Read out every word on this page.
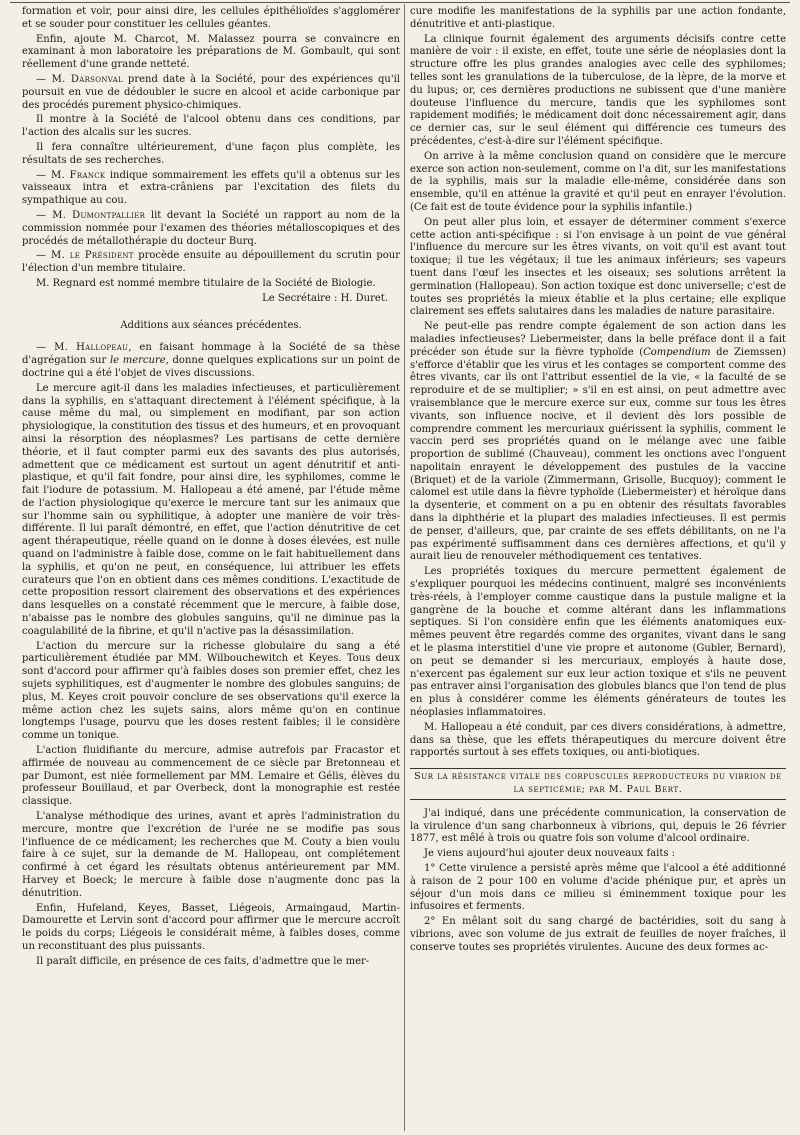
formation et voir, pour ainsi dire, les cellules épithélioïdes s'agglomérer et se souder pour constituer les cellules géantes.

Enfin, ajoute M. Charcot, M. Malassez pourra se convaincre en examinant à mon laboratoire les préparations de M. Gombault, qui sont réellement d'une grande netteté.

— M. Darsonval prend date à la Société, pour des expériences qu'il poursuit en vue de dédoubler le sucre en alcool et acide carbonique par des procédés purement physico-chimiques.

Il montre à la Société de l'alcool obtenu dans ces conditions, par l'action des alcalis sur les sucres.

Il fera connaître ultérieurement, d'une façon plus complète, les résultats de ses recherches.

— M. Franck indique sommairement les effets qu'il a obtenus sur les vaisseaux intra et extra-crâniens par l'excitation des filets du sympathique au cou.

— M. Dumontpallier lit devant la Société un rapport au nom de la commission nommée pour l'examen des théories métalloscopiques et des procédés de métallothérapie du docteur Burq.

— M. le Président procède ensuite au dépouillement du scrutin pour l'élection d'un membre titulaire.

M. Regnard est nommé membre titulaire de la Société de Biologie.

Le Secrétaire : H. Duret.

Additions aux séances précédentes.

— M. Hallopeau, en faisant hommage à la Société de sa thèse d'agrégation sur le mercure, donne quelques explications sur un point de doctrine qui a été l'objet de vives discussions.

Le mercure agit-il dans les maladies infectieuses, et particulièrement dans la syphilis, en s'attaquant directement à l'élément spécifique, à la cause même du mal, ou simplement en modifiant, par son action physiologique, la constitution des tissus et des humeurs, et en provoquant ainsi la résorption des néoplasmes? Les partisans de cette dernière théorie, et il faut compter parmi eux des savants des plus autorisés, admettent que ce médicament est surtout un agent dénutritif et anti-plastique, et qu'il fait fondre, pour ainsi dire, les syphilomes, comme le fait l'iodure de potassium. M. Hallopeau a été amené, par l'étude même de l'action physiologique qu'exerce le mercure tant sur les animaux que sur l'homme sain ou syphilitique, à adopter une manière de voir très-différente. Il lui paraît démontré, en effet, que l'action dénutritive de cet agent thérapeutique, réelle quand on le donne à doses élevées, est nulle quand on l'administre à faible dose, comme on le fait habituellement dans la syphilis, et qu'on ne peut, en conséquence, lui attribuer les effets curateurs que l'on en obtient dans ces mêmes conditions. L'exactitude de cette proposition ressort clairement des observations et des expériences dans lesquelles on a constaté récemment que le mercure, à faible dose, n'abaisse pas le nombre des globules sanguins, qu'il ne diminue pas la coagulabilité de la fibrine, et qu'il n'active pas la désassimilation.

L'action du mercure sur la richesse globulaire du sang a été particulièrement étudiée par MM. Wilbouchewitch et Keyes. Tous deux sont d'accord pour affirmer qu'à faibles doses son premier effet, chez les sujets syphilitiques, est d'augmenter le nombre des globules sanguins; de plus, M. Keyes croit pouvoir conclure de ses observations qu'il exerce la même action chez les sujets sains, alors même qu'on en continue longtemps l'usage, pourvu que les doses restent faibles; il le considère comme un tonique.

L'action fluidifiante du mercure, admise autrefois par Fracastor et affirmée de nouveau au commencement de ce siècle par Bretonneau et par Dumont, est niée formellement par MM. Lemaire et Gélis, élèves du professeur Bouillaud, et par Overbeck, dont la monographie est restée classique.

L'analyse méthodique des urines, avant et après l'administration du mercure, montre que l'excrétion de l'urée ne se modifie pas sous l'influence de ce médicament; les recherches que M. Couty a bien voulu faire à ce sujet, sur la demande de M. Hallopeau, ont complétement confirmé à cet égard les résultats obtenus antérieurement par MM. Harvey et Boeck; le mercure à faible dose n'augmente donc pas la dénutrition.

Enfin, Hufeland, Keyes, Basset, Liégeois, Armaingaud, Martin-Damourette et Lervin sont d'accord pour affirmer que le mercure accroît le poids du corps; Liégeois le considérait même, à faibles doses, comme un reconstituant des plus puissants.

Il paraît difficile, en présence de ces faits, d'admettre que le mer-

cure modifie les manifestations de la syphilis par une action fondante, dénutritive et anti-plastique.

La clinique fournit également des arguments décisifs contre cette manière de voir : il existe, en effet, toute une série de néoplasies dont la structure offre les plus grandes analogies avec celle des syphilomes; telles sont les granulations de la tuberculose, de la lèpre, de la morve et du lupus; or, ces dernières productions ne subissent que d'une manière douteuse l'influence du mercure, tandis que les syphilomes sont rapidement modifiés; le médicament doit donc nécessairement agir, dans ce dernier cas, sur le seul élément qui différencie ces tumeurs des précédentes, c'est-à-dire sur l'élément spécifique.

On arrive à la même conclusion quand on considère que le mercure exerce son action non-seulement, comme on l'a dit, sur les manifestations de la syphilis, mais sur la maladie elle-même, considérée dans son ensemble, qu'il en atténue la gravité et qu'il peut en enrayer l'évolution. (Ce fait est de toute évidence pour la syphilis infantile.)

On peut aller plus loin, et essayer de déterminer comment s'exerce cette action anti-spécifique : si l'on envisage à un point de vue général l'influence du mercure sur les êtres vivants, on voit qu'il est avant tout toxique; il tue les végétaux; il tue les animaux inférieurs; ses vapeurs tuent dans l'œuf les insectes et les oiseaux; ses solutions arrêtent la germination (Hallopeau). Son action toxique est donc universelle; c'est de toutes ses propriétés la mieux établie et la plus certaine; elle explique clairement ses effets salutaires dans les maladies de nature parasitaire.

Ne peut-elle pas rendre compte également de son action dans les maladies infectieuses? Liebermeister, dans la belle préface dont il a fait précéder son étude sur la fièvre typhoïde (Compendium de Ziemssen) s'efforce d'établir que les virus et les contages se comportent comme des êtres vivants, car ils ont l'attribut essentiel de la vie, « la faculté de se reproduire et de se multiplier; » s'il en est ainsi, on peut admettre avec vraisemblance que le mercure exerce sur eux, comme sur tous les êtres vivants, son influence nocive, et il devient dès lors possible de comprendre comment les mercuriaux guérissent la syphilis, comment le vaccin perd ses propriétés quand on le mélange avec une faible proportion de sublimé (Chauveau), comment les onctions avec l'onguent napolitain enrayent le développement des pustules de la vaccine (Briquet) et de la variole (Zimmermann, Grisolle, Bucquoy); comment le calomel est utile dans la fièvre typhoïde (Liebermeister) et héroïque dans la dysenterie, et comment on a pu en obtenir des résultats favorables dans la diphthérie et la plupart des maladies infectieuses. Il est permis de penser, d'ailleurs, que, par crainte de ses effets débilitants, on ne l'a pas expérimenté suffisamment dans ces dernières affections, et qu'il y aurait lieu de renouveler méthodiquement ces tentatives.

Les propriétés toxiques du mercure permettent également de s'expliquer pourquoi les médecins continuent, malgré ses inconvénients très-réels, à l'employer comme caustique dans la pustule maligne et la gangrène de la bouche et comme altérant dans les inflammations septiques. Si l'on considère enfin que les éléments anatomiques eux-mêmes peuvent être regardés comme des organites, vivant dans le sang et le plasma interstitiel d'une vie propre et autonome (Gubler, Bernard), on peut se demander si les mercuriaux, employés à haute dose, n'exercent pas également sur eux leur action toxique et s'ils ne peuvent pas entraver ainsi l'organisation des globules blancs que l'on tend de plus en plus à considérer comme les éléments générateurs de toutes les néoplasies inflammatoires.

M. Hallopeau a été conduit, par ces divers considérations, à admettre, dans sa thèse, que les effets thérapeutiques du mercure doivent être rapportés surtout à ses effets toxiques, ou anti-biotiques.

Sur la résistance vitale des corpuscules reproducteurs du vibrion de la septicémie; par M. Paul Bert.

J'ai indiqué, dans une précédente communication, la conservation de la virulence d'un sang charbonneux à vibrions, qui, depuis le 26 février 1877, est mêlé à trois ou quatre fois son volume d'alcool ordinaire.

Je viens aujourd'hui ajouter deux nouveaux faits :

1° Cette virulence a persisté après même que l'alcool a été additionné à raison de 2 pour 100 en volume d'acide phénique pur, et après un séjour d'un mois dans ce milieu si éminemment toxique pour les infusoires et ferments.

2° En mêlant soit du sang chargé de bactéridies, soit du sang à vibrions, avec son volume de jus extrait de feuilles de noyer fraîches, il conserve toutes ses propriétés virulentes. Aucune des deux formes ac-
